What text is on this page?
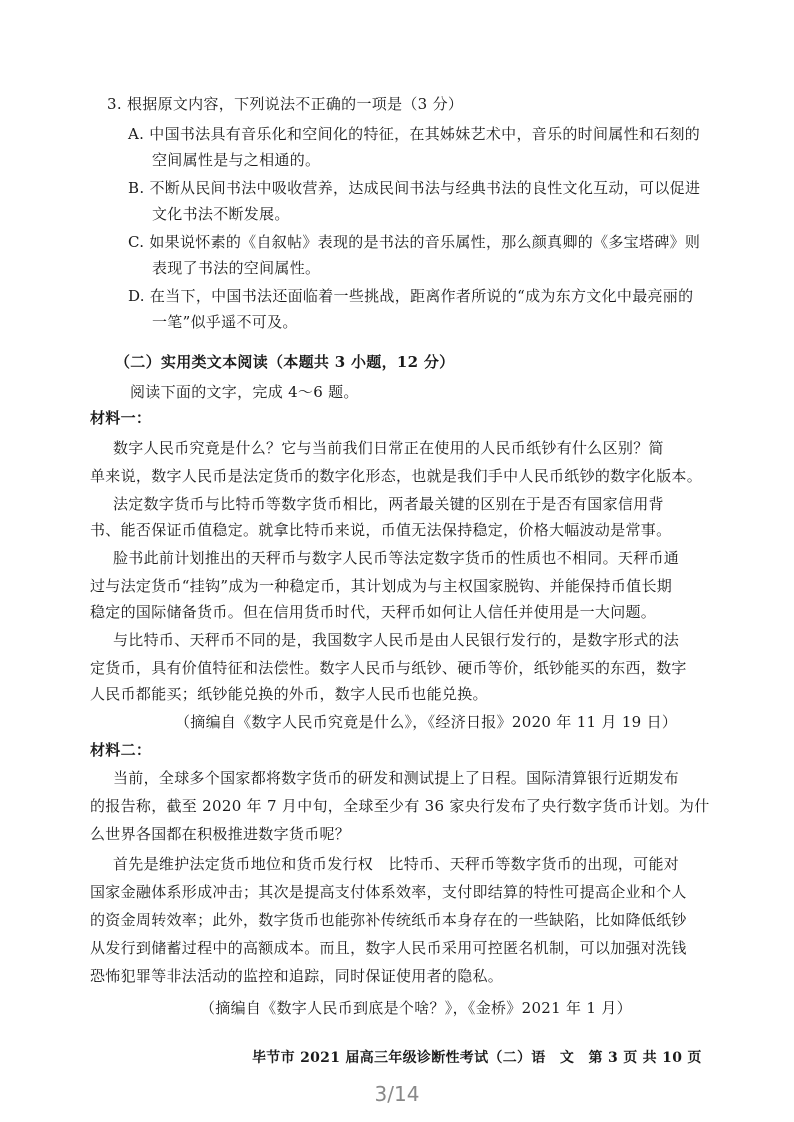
3. 根据原文内容，下列说法不正确的一项是（3 分）
A. 中国书法具有音乐化和空间化的特征，在其姊妹艺术中，音乐的时间属性和石刻的
空间属性是与之相通的。
B. 不断从民间书法中吸收营养，达成民间书法与经典书法的良性文化互动，可以促进
文化书法不断发展。
C. 如果说怀素的《自叙帖》表现的是书法的音乐属性，那么颜真卿的《多宝塔碑》则
表现了书法的空间属性。
D. 在当下，中国书法还面临着一些挑战，距离作者所说的“成为东方文化中最亮丽的
一笔”似乎遥不可及。
（二）实用类文本阅读（本题共 3 小题，12 分）
阅读下面的文字，完成 4～6 题。
材料一：
数字人民币究竟是什么？它与当前我们日常正在使用的人民币纸钞有什么区别？简
单来说，数字人民币是法定货币的数字化形态，也就是我们手中人民币纸钞的数字化版本。
法定数字货币与比特币等数字货币相比，两者最关键的区别在于是否有国家信用背
书、能否保证币值稳定。就拿比特币来说，币值无法保持稳定，价格大幅波动是常事。
脸书此前计划推出的天秤币与数字人民币等法定数字货币的性质也不相同。天秤币通
过与法定货币“挂钩”成为一种稳定币，其计划成为与主权国家脱钩、并能保持币值长期
稳定的国际储备货币。但在信用货币时代，天秤币如何让人信任并使用是一大问题。
与比特币、天秤币不同的是，我国数字人民币是由人民银行发行的，是数字形式的法
定货币，具有价值特征和法偿性。数字人民币与纸钞、硬币等价，纸钞能买的东西，数字
人民币都能买；纸钞能兑换的外币，数字人民币也能兑换。
（摘编自《数字人民币究竟是什么》，《经济日报》2020 年 11 月 19 日）
材料二：
当前，全球多个国家都将数字货币的研发和测试提上了日程。国际清算银行近期发布
的报告称，截至 2020 年 7 月中旬，全球至少有 36 家央行发布了央行数字货币计划。为什
么世界各国都在积极推进数字货币呢？
首先是维护法定货币地位和货币发行权　比特币、天秤币等数字货币的出现，可能对
国家金融体系形成冲击；其次是提高支付体系效率，支付即结算的特性可提高企业和个人
的资金周转效率；此外，数字货币也能弥补传统纸币本身存在的一些缺陷，比如降低纸钞
从发行到储蓄过程中的高额成本。而且，数字人民币采用可控匿名机制，可以加强对洗钱
恐怖犯罪等非法活动的监控和追踪，同时保证使用者的隐私。
（摘编自《数字人民币到底是个啥？》，《金桥》2021 年 1 月）
毕节市 2021 届高三年级诊断性考试（二）语　文　第 3 页 共 10 页
3/14
